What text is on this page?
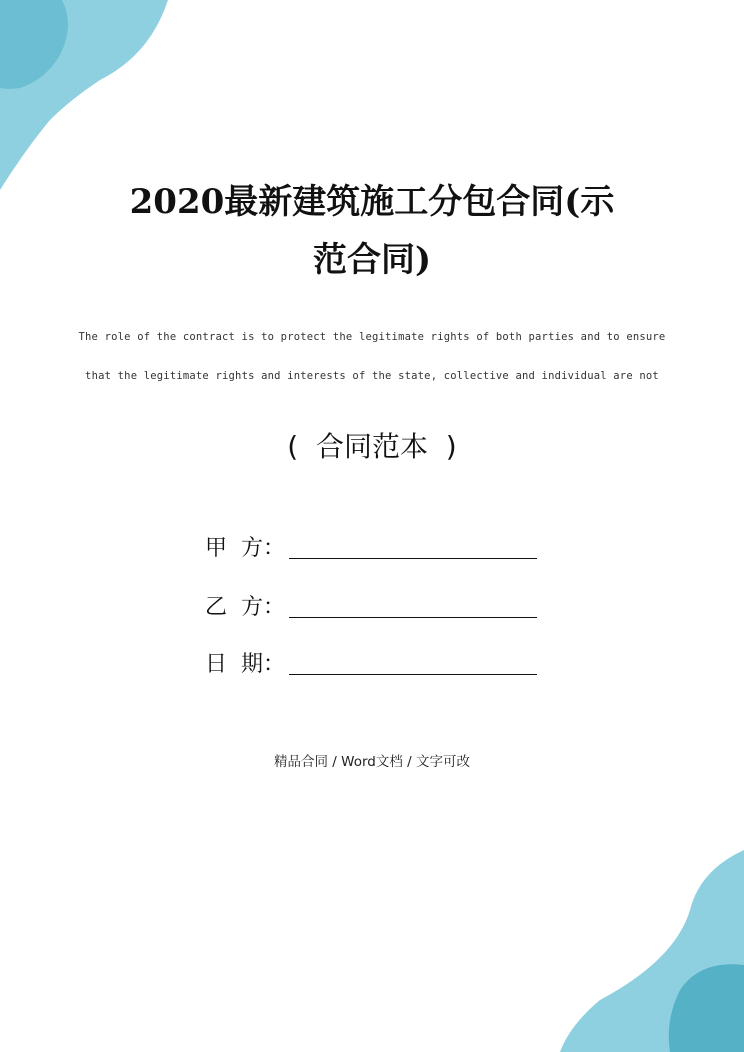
2020最新建筑施工分包合同(示
范合同)
The role of the contract is to protect the legitimate rights of both parties and to ensure
that the legitimate rights and interests of the state, collective and individual are not
(  合同范本  )
甲  方：
乙  方：
日  期：
精品合同 / Word文档 / 文字可改
